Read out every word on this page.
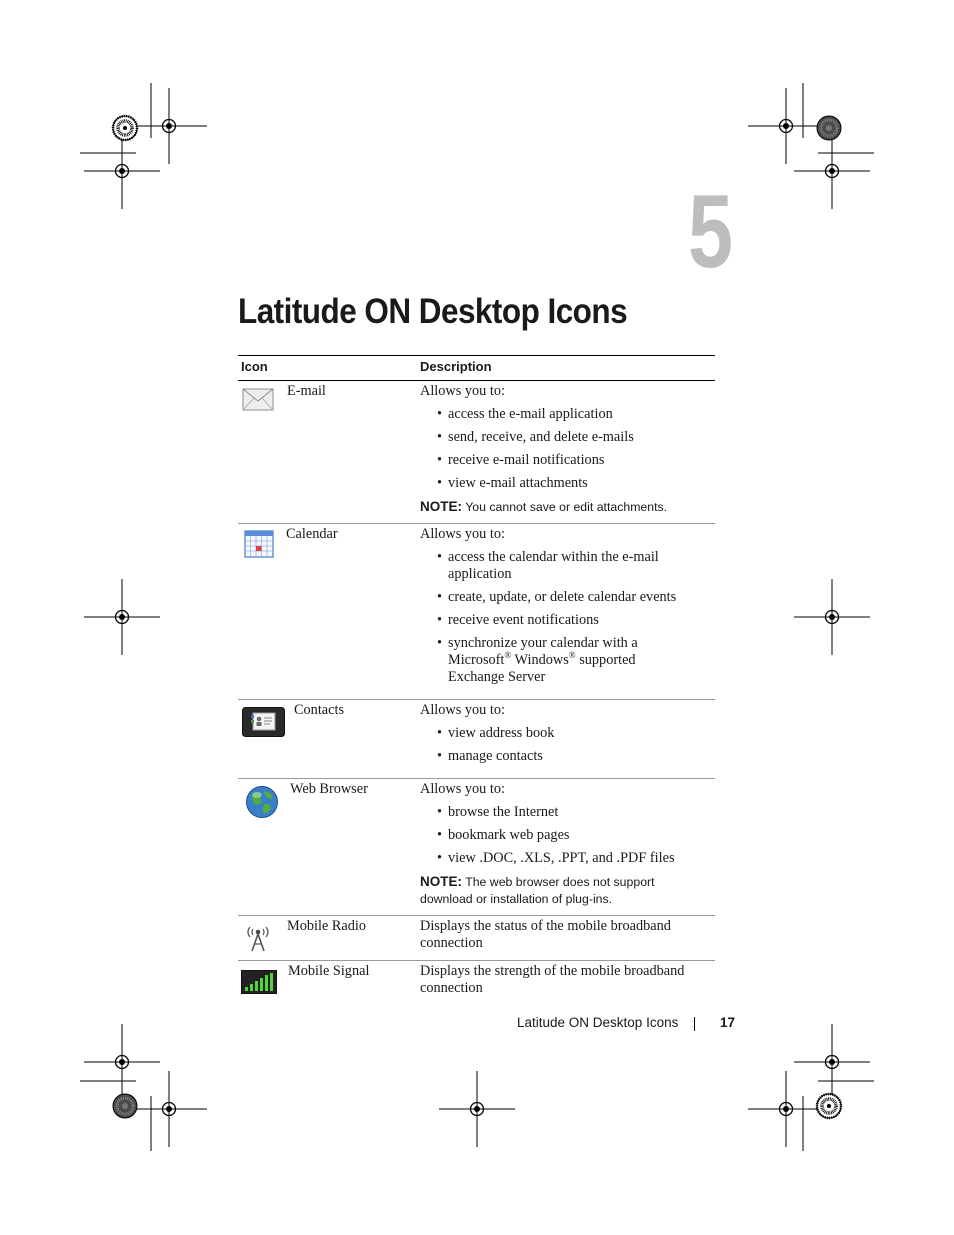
5
Latitude ON Desktop Icons
Icon	Description

E-mail	Allows you to:

• access the e-mail application
• send, receive, and delete e-mails
• receive e-mail notifications
• view e-mail attachments
NOTE: You cannot save or edit attachments.

Calendar	Allows you to:

• access the calendar within the e-mail application
• create, update, or delete calendar events
• receive event notifications
• synchronize your calendar with a Microsoft® Windows® supported Exchange Server

Contacts	Allows you to:

• view address book
• manage contacts

Web Browser	Allows you to:

• browse the Internet
• bookmark web pages
• view .DOC, .XLS, .PPT, and .PDF files
NOTE: The web browser does not support download or installation of plug-ins.

Mobile Radio	Displays the status of the mobile broadband connection

Mobile Signal	Displays the strength of the mobile broadband connection

Latitude ON Desktop Icons	17
